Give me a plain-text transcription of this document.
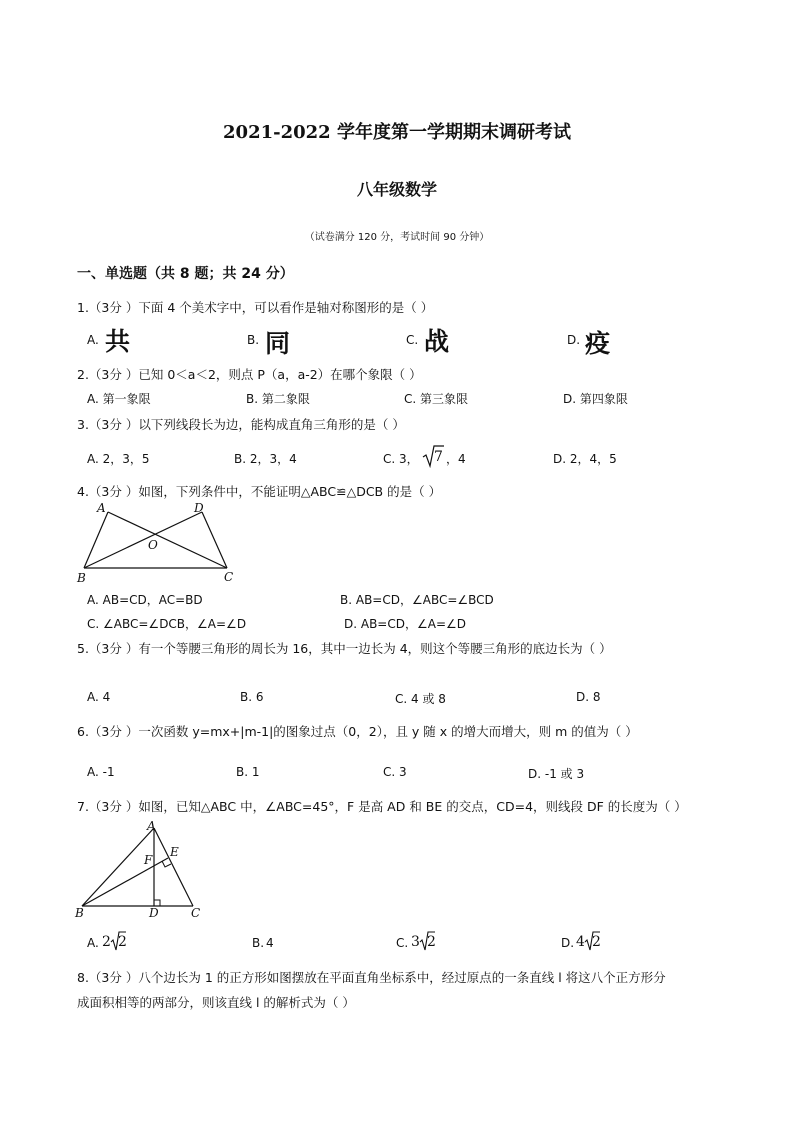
2021-2022 学年度第一学期期末调研考试
八年级数学
（试卷满分 120 分，考试时间 90 分钟）
一、单选题（共 8 题；共 24 分）
1.（3分 ）下面 4 个美术字中，可以看作是轴对称图形的是（ ）
A. 共	B. 同	C. 战	D. 疫
2.（3分 ）已知 0＜a＜2，则点 P（a，a-2）在哪个象限（ ）
A. 第一象限	B. 第二象限	C. 第三象限	D. 第四象限
3.（3分 ）以下列线段长为边，能构成直角三角形的是（ ）
A. 2，3，5	B. 2，3，4	C. 3， 7 ，4	D. 2，4，5
4.（3分 ）如图，下列条件中，不能证明△ABC≌△DCB 的是（ ）
A	D
O
B	C
A. AB=CD，AC=BD	B. AB=CD，∠ABC=∠BCD
C. ∠ABC=∠DCB，∠A=∠D	D. AB=CD，∠A=∠D
5.（3分 ）有一个等腰三角形的周长为 16，其中一边长为 4，则这个等腰三角形的底边长为（ ）
A. 4	B. 6	C. 4 或 8	D. 8
6.（3分 ）一次函数 y=mx+|m-1|的图象过点（0，2），且 y 随 x 的增大而增大，则 m 的值为（ ）
A. -1	B. 1	C. 3	D. -1 或 3
7.（3分 ）如图，已知△ABC 中，∠ABC=45°，F 是高 AD 和 BE 的交点，CD=4，则线段 DF 的长度为（ ）
A
E
F
B	D	C
A. 2 2	B. 4	C. 3 2	D. 4 2
8.（3分 ）八个边长为 1 的正方形如图摆放在平面直角坐标系中，经过原点的一条直线 l 将这八个正方形分
成面积相等的两部分，则该直线 l 的解析式为（ ）
